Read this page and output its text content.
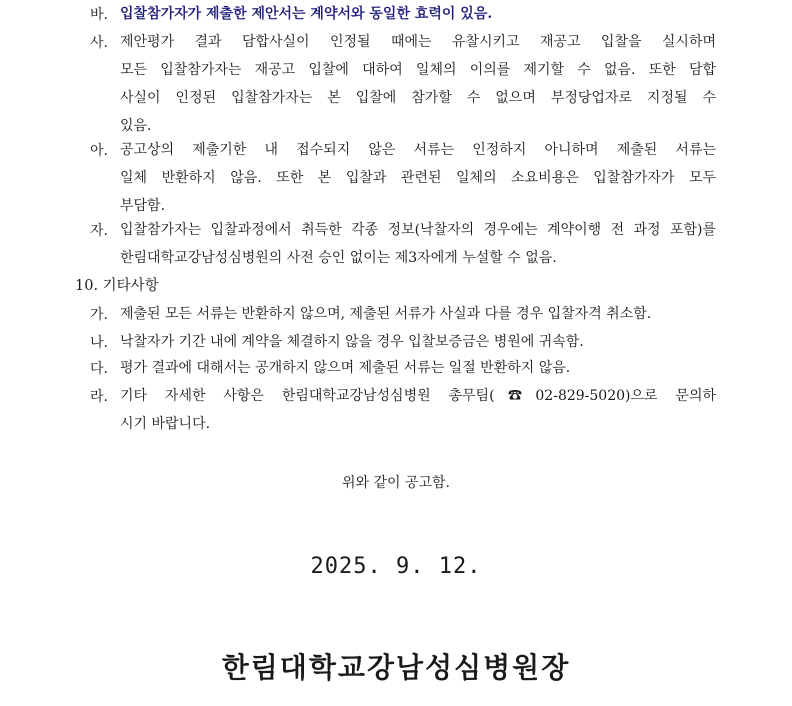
바. 입찰참가자가 제출한 제안서는 계약서와 동일한 효력이 있음.
사. 제안평가 결과 담합사실이 인정될 때에는 유찰시키고 재공고 입찰을 실시하며
모든 입찰참가자는 재공고 입찰에 대하여 일체의 이의를 제기할 수 없음. 또한 담합
사실이 인정된 입찰참가자는 본 입찰에 참가할 수 없으며 부정당업자로 지정될 수
있음.
아. 공고상의 제출기한 내 접수되지 않은 서류는 인정하지 아니하며 제출된 서류는
일체 반환하지 않음. 또한 본 입찰과 관련된 일체의 소요비용은 입찰참가자가 모두
부담함.
자. 입찰참가자는 입찰과정에서 취득한 각종 정보(낙찰자의 경우에는 계약이행 전 과정 포함)를
한림대학교강남성심병원의 사전 승인 없이는 제3자에게 누설할 수 없음.
10. 기타사항
가. 제출된 모든 서류는 반환하지 않으며, 제출된 서류가 사실과 다를 경우 입찰자격 취소함.
나. 낙찰자가 기간 내에 계약을 체결하지 않을 경우 입찰보증금은 병원에 귀속함.
다. 평가 결과에 대해서는 공개하지 않으며 제출된 서류는 일절 반환하지 않음.
라. 기타 자세한 사항은 한림대학교강남성심병원 총무팀(☎02-829-5020)으로 문의하
시기 바랍니다.
위와 같이 공고함.
2025. 9. 12.
한림대학교강남성심병원장
